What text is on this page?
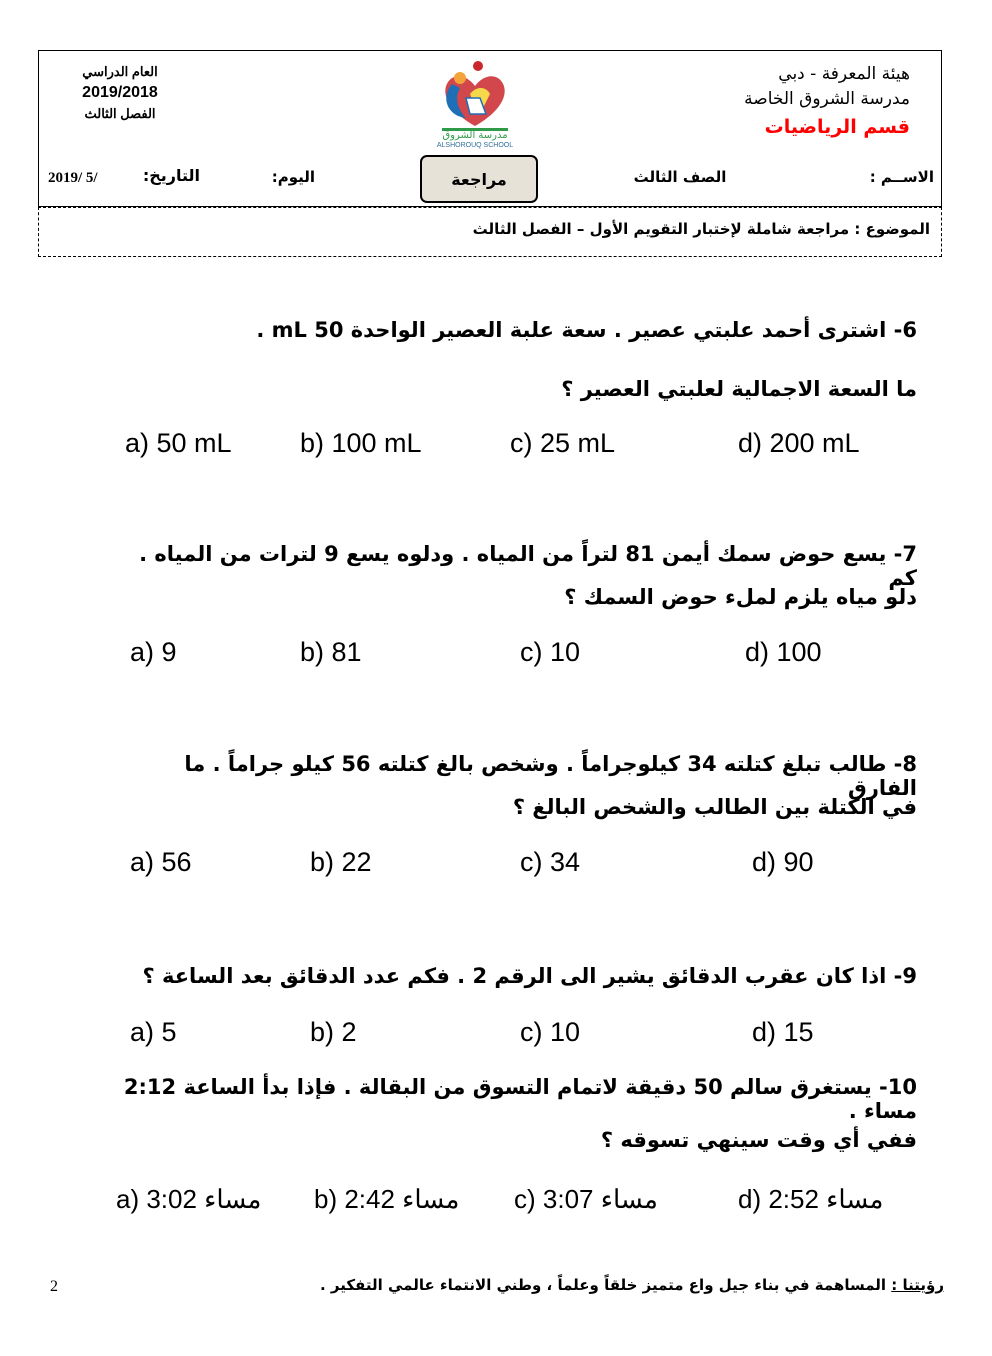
هيئة المعرفة - دبي
مدرسة الشروق الخاصة
قسم الرياضيات
العام الدراسي
2019/2018
الفصل الثالث
مدرسة الشروق
ALSHOROUQ SCHOOL
الاســم :
الصف الثالث
مراجعة
اليوم:
التاريخ:
2019/ 5/
الموضوع : مراجعة شاملة لإختبار التقويم الأول – الفصل الثالث
6- اشترى أحمد علبتي عصير . سعة علبة العصير الواحدة 50 mL .
ما السعة الاجمالية لعلبتي العصير ؟
a) 50 mL	b) 100 mL	c) 25 mL	d) 200 mL
7- يسع حوض سمك أيمن 81 لتراً من المياه . ودلوه يسع 9 لترات من المياه . كم
دلو مياه يلزم لملء حوض السمك ؟
a) 9	b) 81	c) 10	d) 100
8- طالب تبلغ كتلته 34 كيلوجراماً . وشخص بالغ كتلته 56 كيلو جراماً . ما الفارق
في الكتلة بين الطالب والشخص البالغ ؟
a) 56	b) 22	c) 34	d) 90
9- اذا كان عقرب الدقائق يشير الى الرقم 2 . فكم عدد الدقائق بعد الساعة ؟
a) 5	b) 2	c) 10	d) 15
10- يستغرق سالم 50 دقيقة لاتمام التسوق من البقالة . فإذا بدأ الساعة 2:12 مساء .
ففي أي وقت سينهي تسوقه ؟
a) 3:02 مساء b) 2:42 مساء c) 3:07 مساء	d) 2:52 مساء
رؤيتنا : المساهمة في بناء جيل واع متميز خلقاً وعلماً ، وطني الانتماء عالمي التفكير .
2
